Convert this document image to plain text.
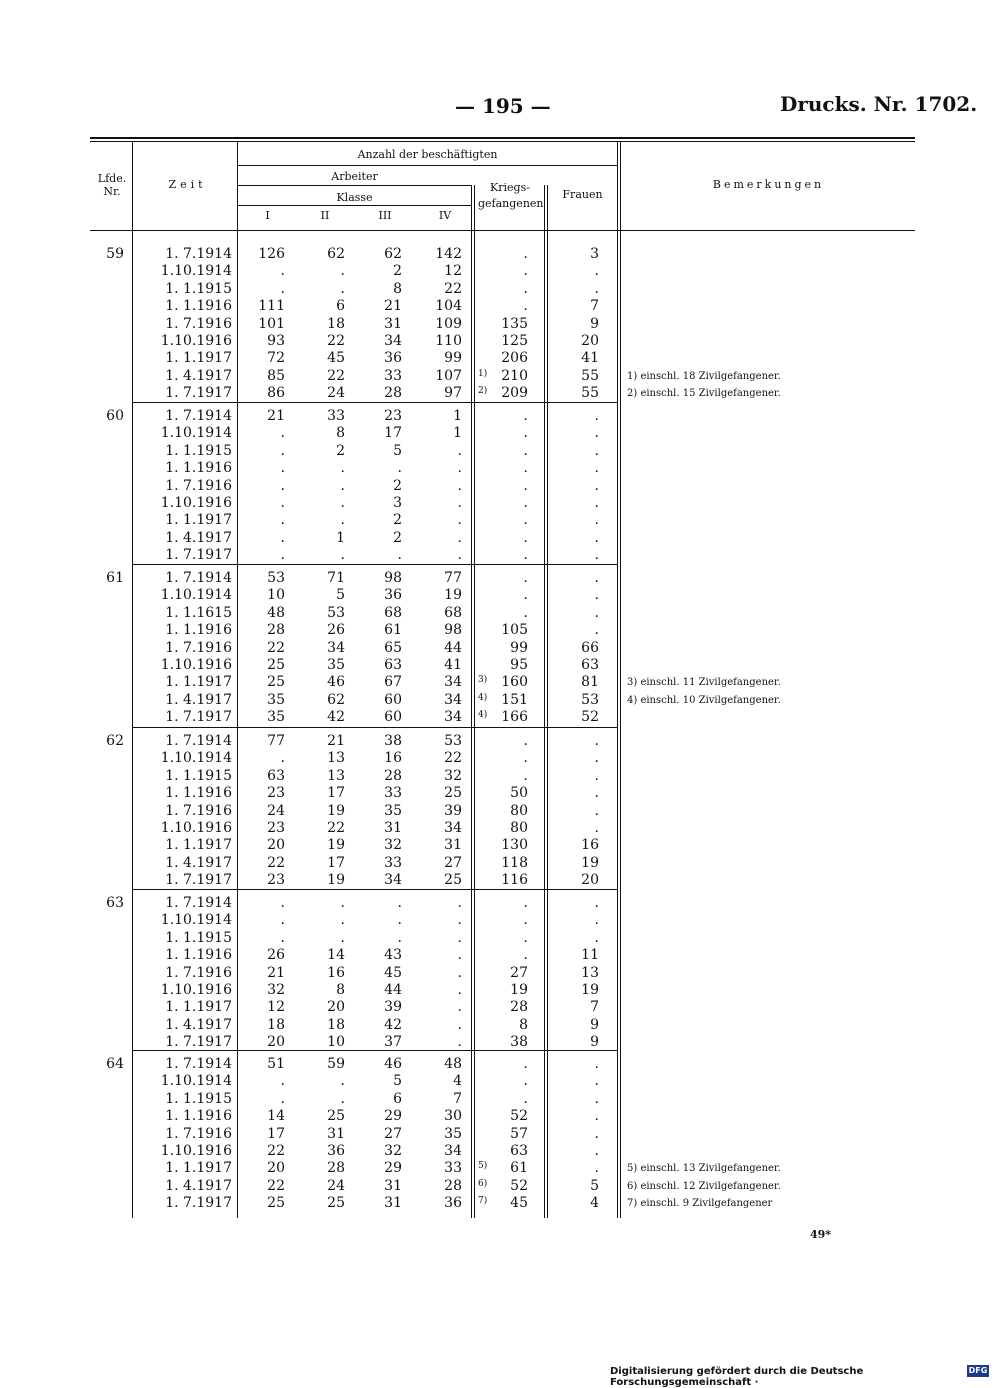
— 195 —	Drucks. Nr. 1702.
Lfde. Nr.
Zeit
Anzahl der beschäftigten
Arbeiter
Klasse
I	II	III	IV
Kriegs-gefangenen
Frauen
Bemerkungen
59	1. 7.1914	126	62	62	142	.	3
1.10.1914	.	.	2	12	.	.
1. 1.1915	.	.	8	22	.	.
1. 1.1916	111	6	21	104	.	7
1. 7.1916	101	18	31	109	135	9
1.10.1916	93	22	34	110	125	20
1. 1.1917	72	45	36	99	206	41
1. 4.1917	85	22	33	107 1)	210	55
1. 7.1917	86	24	28	97 2)	209	55
60	1. 7.1914	21	33	23	1	.	.
1.10.1914	.	8	17	1	.	.
1. 1.1915	.	2	5	.	.	.
1. 1.1916	.	.	.	.	.	.
1. 7.1916	.	.	2	.	.	.
1.10.1916	.	.	3	.	.	.
1. 1.1917	.	.	2	.	.	.
1. 4.1917	.	1	2	.	.	.
1. 7.1917	.	.	.	.	.	.
61	1. 7.1914	53	71	98	77	.	.
1.10.1914	10	5	36	19	.	.
1. 1.1615	48	53	68	68	.	.
1. 1.1916	28	26	61	98	105	.
1. 7.1916	22	34	65	44	99	66
1.10.1916	25	35	63	41	95	63
1. 1.1917	25	46	67	34 3)	160	81
1. 4.1917	35	62	60	34 4)	151	53
1. 7.1917	35	42	60	34 4)	166	52
62	1. 7.1914	77	21	38	53	.	.
1.10.1914	.	13	16	22	.	.
1. 1.1915	63	13	28	32	.	.
1. 1.1916	23	17	33	25	50	.
1. 7.1916	24	19	35	39	80	.
1.10.1916	23	22	31	34	80	.
1. 1.1917	20	19	32	31	130	16
1. 4.1917	22	17	33	27	118	19
1. 7.1917	23	19	34	25	116	20
63	1. 7.1914	.	.	.	.	.	.
1.10.1914	.	.	.	.	.	.
1. 1.1915	.	.	.	.	.	.
1. 1.1916	26	14	43	.	.	11
1. 7.1916	21	16	45	.	27	13
1.10.1916	32	8	44	.	19	19
1. 1.1917	12	20	39	.	28	7
1. 4.1917	18	18	42	.	8	9
1. 7.1917	20	10	37	.	38	9
64	1. 7.1914	51	59	46	48	.	.
1.10.1914	.	.	5	4	.	.
1. 1.1915	.	.	6	7	.	.
1. 1.1916	14	25	29	30	52	.
1. 7.1916	17	31	27	35	57	.
1.10.1916	22	36	32	34	63	.
1. 1.1917	20	28	29	33 5)	61	.
1. 4.1917	22	24	31	28 6)	52	5
1. 7.1917	25	25	31	36 7)	45	4
1) einschl. 18 Zivilgefangener.
2) einschl. 15 Zivilgefangener.
3) einschl. 11 Zivilgefangener.
4) einschl. 10 Zivilgefangener.
5) einschl. 13 Zivilgefangener.
6) einschl. 12 Zivilgefangener.
7) einschl. 9 Zivilgefangener
49*
Digitalisierung gefördert durch die Deutsche Forschungsgemeinschaft ·
DFG
